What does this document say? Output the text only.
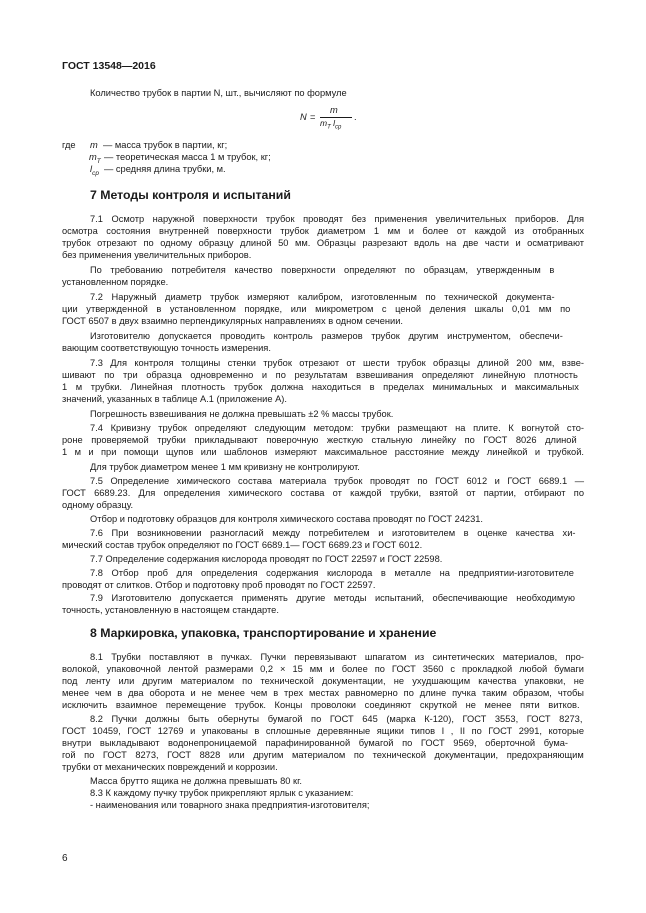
ГОСТ 13548—2016
Количество трубок в партии N, шт., вычисляют по формуле
N =
m
$m_T$ $l_{ср}$
.
где m — масса трубок в партии, кг;
$m_T$ — теоретическая масса 1 м трубок, кг;
$l_{ср}$ — средняя длина трубки, м.
7 Методы контроля и испытаний
7.1 Осмотр наружной поверхности трубок проводят без применения увеличительных приборов. Для
осмотра состояния внутренней поверхности трубок диаметром 1 мм и более от каждой из отобранных
трубок отрезают по одному образцу длиной 50 мм. Образцы разрезают вдоль на две части и осматривают
без применения увеличительных приборов.
По требованию потребителя качество поверхности определяют по образцам, утвержденным в
установленном порядке.
7.2 Наружный диаметр трубок измеряют калибром, изготовленным по технической документа-
ции утвержденной в установленном порядке, или микрометром с ценой деления шкалы 0,01 мм по
ГОСТ 6507 в двух взаимно перпендикулярных направлениях в одном сечении.
Изготовителю допускается проводить контроль размеров трубок другим инструментом, обеспечи-
вающим соответствующую точность измерения.
7.3 Для контроля толщины стенки трубок отрезают от шести трубок образцы длиной 200 мм, взве-
шивают по три образца одновременно и по результатам взвешивания определяют линейную плотность
1 м трубки. Линейная плотность трубок должна находиться в пределах минимальных и максимальных
значений, указанных в таблице А.1 (приложение А).
Погрешность взвешивания не должна превышать ±2 % массы трубок.
7.4 Кривизну трубок определяют следующим методом: трубки размещают на плите. К вогнутой сто-
роне проверяемой трубки прикладывают поверочную жесткую стальную линейку по ГОСТ 8026 длиной
1 м и при помощи щупов или шаблонов измеряют максимальное расстояние между линейкой и трубкой.
Для трубок диаметром менее 1 мм кривизну не контролируют.
7.5 Определение химического состава материала трубок проводят по ГОСТ 6012 и ГОСТ 6689.1 —
ГОСТ 6689.23. Для определения химического состава от каждой трубки, взятой от партии, отбирают по
одному образцу.
Отбор и подготовку образцов для контроля химического состава проводят по ГОСТ 24231.
7.6 При возникновении разногласий между потребителем и изготовителем в оценке качества хи-
мический состав трубок определяют по ГОСТ 6689.1— ГОСТ 6689.23 и ГОСТ 6012.
7.7 Определение содержания кислорода проводят по ГОСТ 22597 и ГОСТ 22598.
7.8 Отбор проб для определения содержания кислорода в металле на предприятии-изготовителе
проводят от слитков. Отбор и подготовку проб проводят по ГОСТ 22597.
7.9 Изготовителю допускается применять другие методы испытаний, обеспечивающие необходимую
точность, установленную в настоящем стандарте.
8 Маркировка, упаковка, транспортирование и хранение
8.1 Трубки поставляют в пучках. Пучки перевязывают шпагатом из синтетических материалов, про-
волокой, упаковочной лентой размерами 0,2 × 15 мм и более по ГОСТ 3560 с прокладкой любой бумаги
под ленту или другим материалом по технической документации, не ухудшающим качества упаковки, не
менее чем в два оборота и не менее чем в трех местах равномерно по длине пучка таким образом, чтобы
исключить взаимное перемещение трубок. Концы проволоки соединяют скруткой не менее пяти витков.
8.2 Пучки должны быть обернуты бумагой по ГОСТ 645 (марка К-120), ГОСТ 3553, ГОСТ 8273,
ГОСТ 10459, ГОСТ 12769 и упакованы в сплошные деревянные ящики типов I , II по ГОСТ 2991, которые
внутри выкладывают водонепроницаемой парафинированной бумагой по ГОСТ 9569, оберточной бума-
гой по ГОСТ 8273, ГОСТ 8828 или другим материалом по технической документации, предохраняющим
трубки от механических повреждений и коррозии.
Масса брутто ящика не должна превышать 80 кг.
8.3 К каждому пучку трубок прикрепляют ярлык с указанием:
- наименования или товарного знака предприятия-изготовителя;
6
